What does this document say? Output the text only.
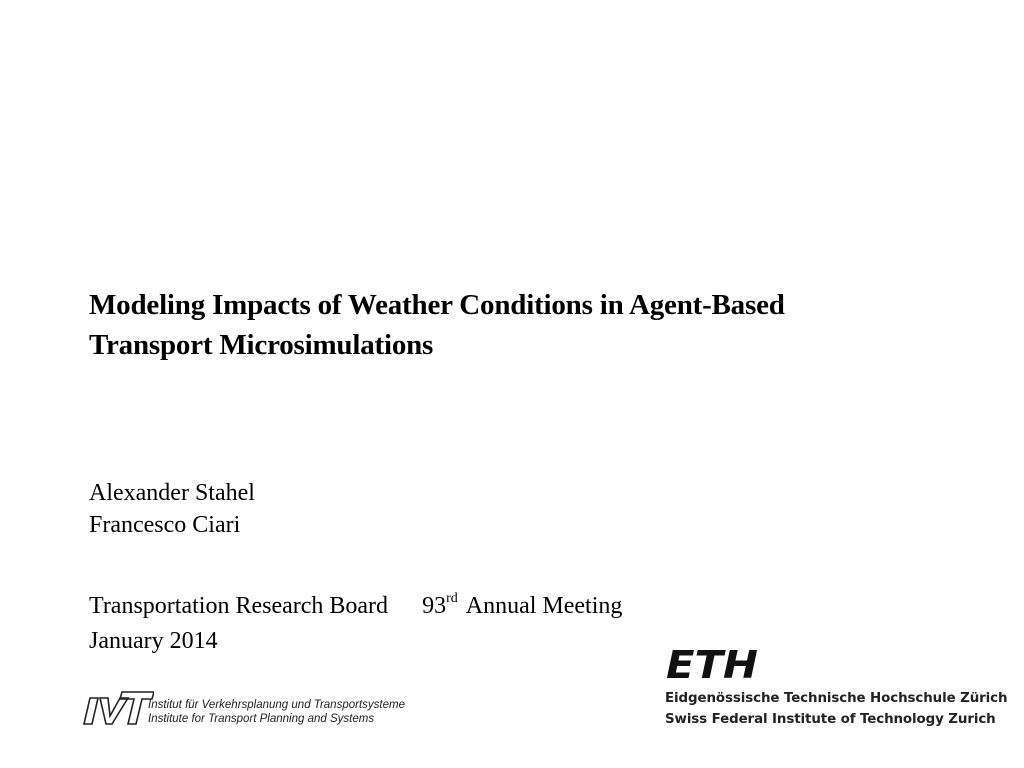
Modeling Impacts of Weather Conditions in Agent-Based
Transport Microsimulations
Alexander Stahel
Francesco Ciari
Transportation Research Board 93rd Annual Meeting
January 2014
Institut für Verkehrsplanung und Transportsysteme
Institute for Transport Planning and Systems
ETH
Eidgenössische Technische Hochschule Zürich
Swiss Federal Institute of Technology Zurich
